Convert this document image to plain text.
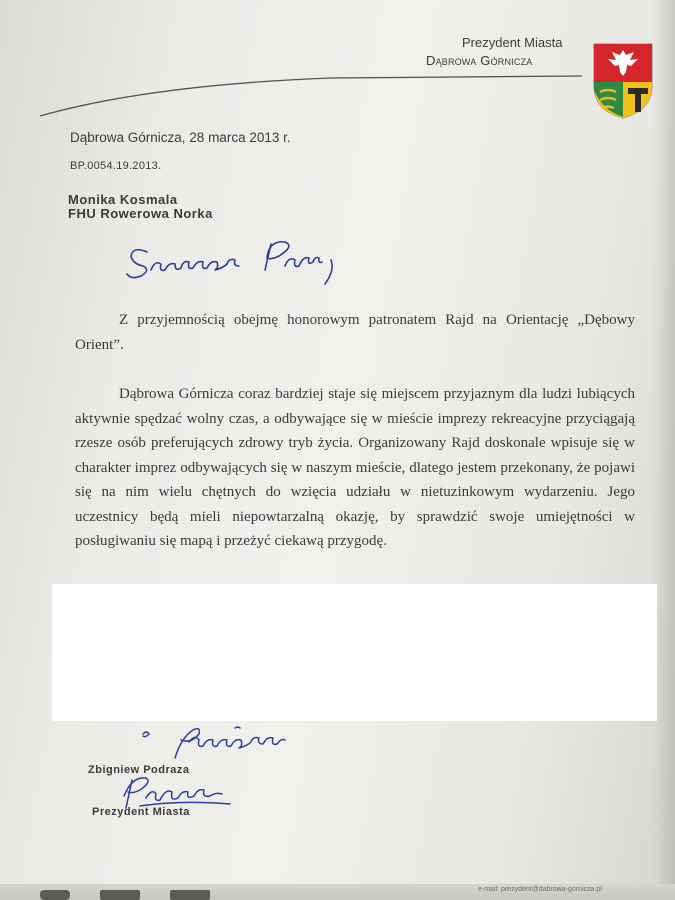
Prezydent Miasta
Dąbrowa Górnicza
Dąbrowa Górnicza, 28 marca 2013 r.
BP.0054.19.2013.
Monika Kosmala
FHU Rowerowa Norka

Z przyjemnością obejmę honorowym patronatem Rajd na Orientację „Dębowy Orient”.

Dąbrowa Górnicza coraz bardziej staje się miejscem przyjaznym dla ludzi lubiących aktywnie spędzać wolny czas, a odbywające się w mieście imprezy rekreacyjne przyciągają rzesze osób preferujących zdrowy tryb życia. Organizowany Rajd doskonale wpisuje się w charakter imprez odbywających się w naszym mieście, dlatego jestem przekonany, że pojawi się na nim wielu chętnych do wzięcia udziału w nietuzinkowym wydarzeniu. Jego uczestnicy będą mieli niepowtarzalną okazję, by sprawdzić swoje umiejętności w posługiwaniu się mapą i przeżyć ciekawą przygodę.

Zbigniew Podraza
Prezydent Miasta
e-mail: prezydent@dabrowa-gornicza.pl
